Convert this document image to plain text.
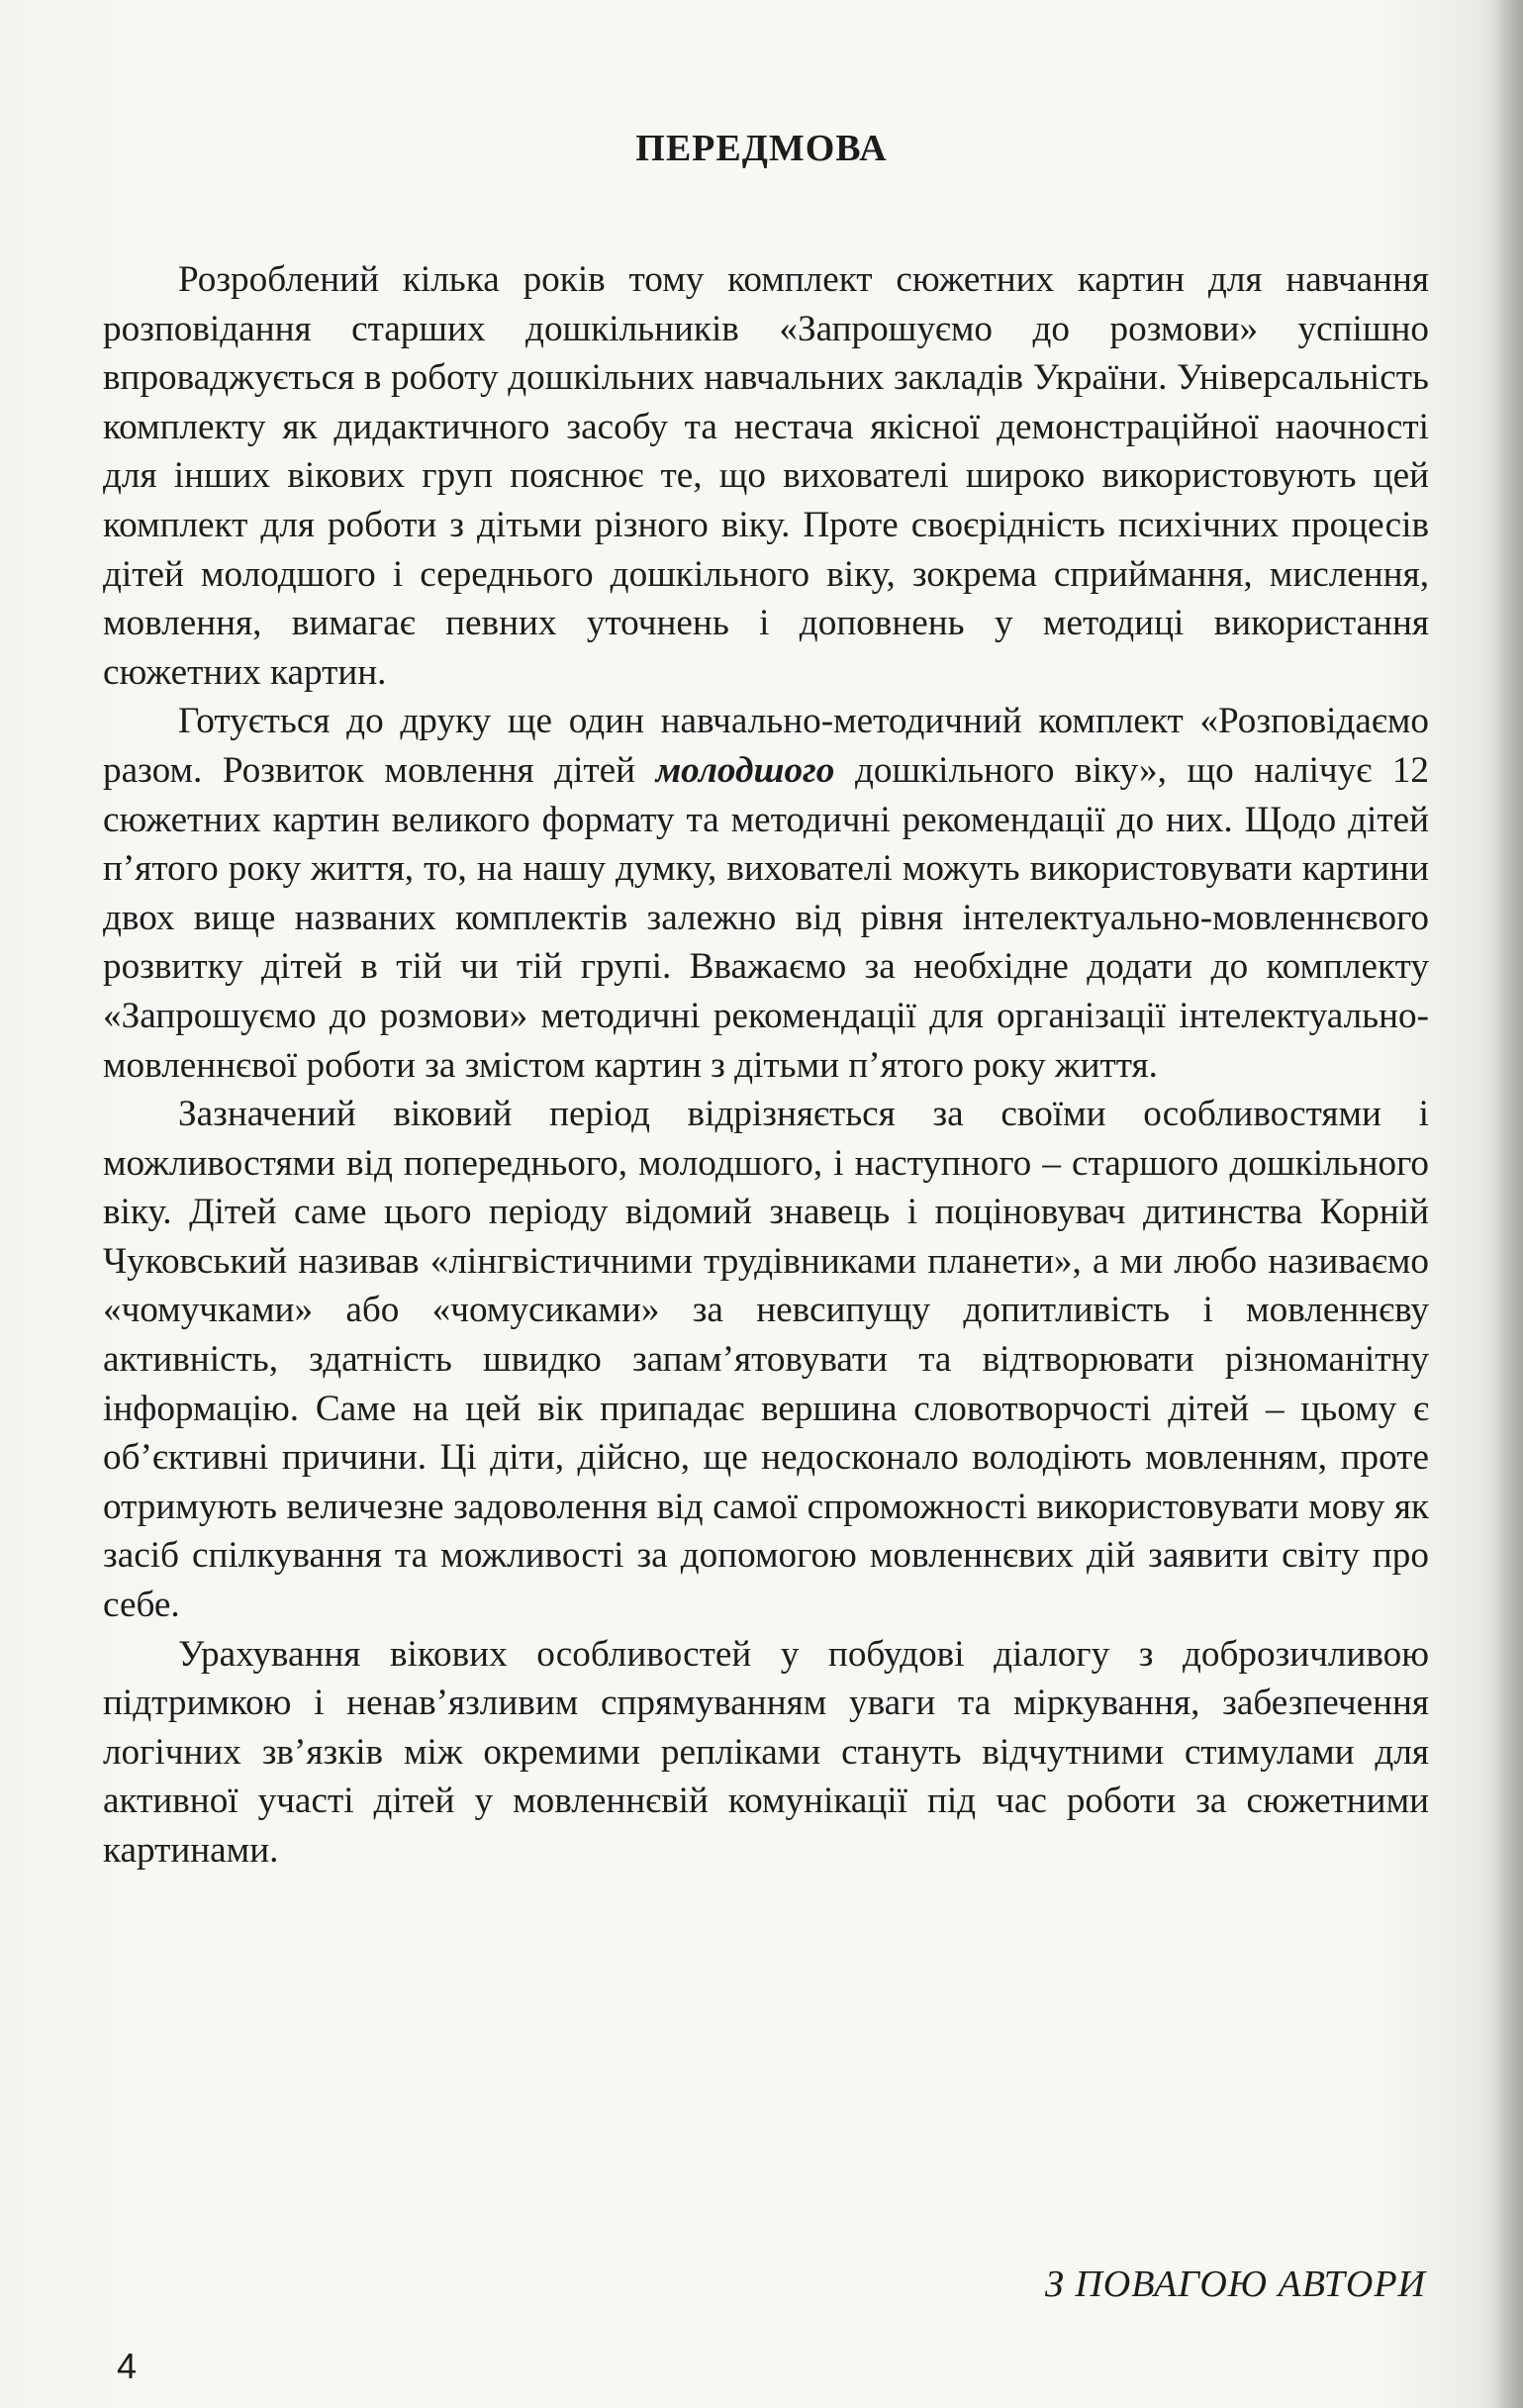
ПЕРЕДМОВА

Розроблений кілька років тому комплект сюжетних картин для навчання розповідання старших дошкільників «Запрошуємо до розмови» успішно впроваджується в роботу дошкільних навчальних закладів України. Універсальність комплекту як дидактичного засобу та нестача якісної демонстраційної наочності для інших вікових груп пояснює те, що вихователі широко використовують цей комплект для роботи з дітьми різного віку. Проте своєрідність психічних процесів дітей молодшого і середнього дошкільного віку, зокрема сприймання, мислення, мовлення, вимагає певних уточнень і доповнень у методиці використання сюжетних картин.

Готується до друку ще один навчально-методичний комплект «Розповідаємо разом. Розвиток мовлення дітей молодшого дошкільного віку», що налічує 12 сюжетних картин великого формату та методичні рекомендації до них. Щодо дітей п’ятого року життя, то, на нашу думку, вихователі можуть використовувати картини двох вище названих комплектів залежно від рівня інтелектуально-мовленнєвого розвитку дітей в тій чи тій групі. Вважаємо за необхідне додати до комплекту «Запрошуємо до розмови» методичні рекомендації для організації інтелектуально-мовленнєвої роботи за змістом картин з дітьми п’ятого року життя.

Зазначений віковий період відрізняється за своїми особливостями і можливостями від попереднього, молодшого, і наступного – старшого дошкільного віку. Дітей саме цього періоду відомий знавець і поціновувач дитинства Корній Чуковський називав «лінгвістичними трудівниками планети», а ми любо називаємо «чомучками» або «чомусиками» за невсипущу допитливість і мовленнєву активність, здатність швидко запам’ятовувати та відтворювати різноманітну інформацію. Саме на цей вік припадає вершина словотворчості дітей – цьому є об’єктивні причини. Ці діти, дійсно, ще недосконало володіють мовленням, проте отримують величезне задоволення від самої спроможності використовувати мову як засіб спілкування та можливості за допомогою мовленнєвих дій заявити світу про себе.

Урахування вікових особливостей у побудові діалогу з доброзичливою підтримкою і ненав’язливим спрямуванням уваги та міркування, забезпечення логічних зв’язків між окремими репліками стануть відчутними стимулами для активної участі дітей у мовленнєвій комунікації під час роботи за сюжетними картинами.

З ПОВАГОЮ АВТОРИ
4
